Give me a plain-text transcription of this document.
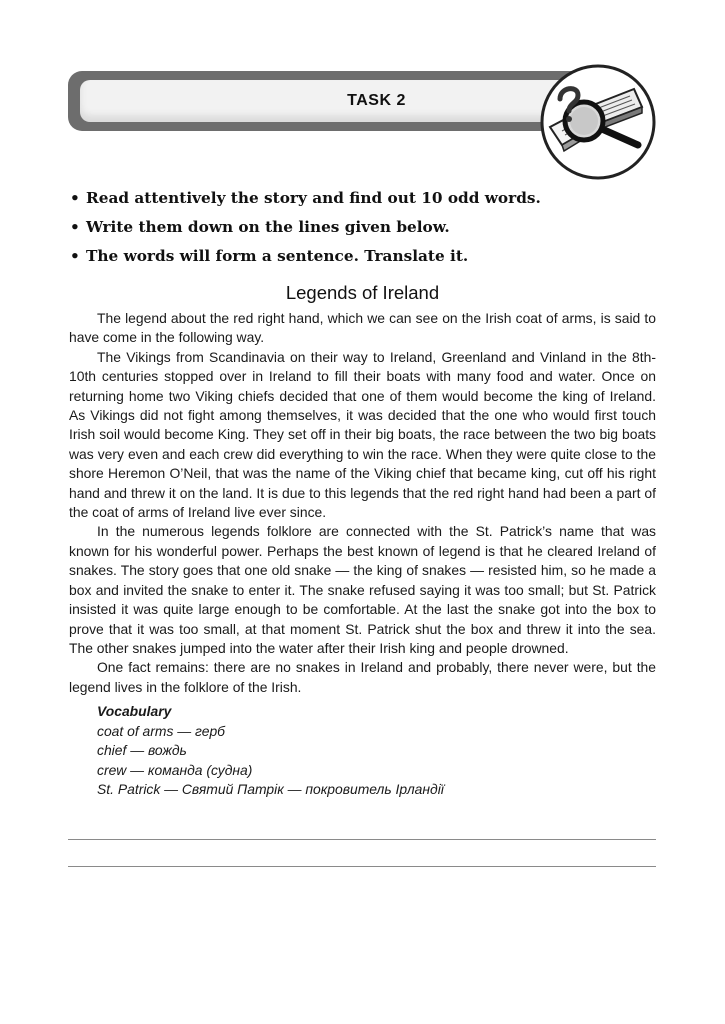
TASK 2
• Read attentively the story and find out 10 odd words.
• Write them down on the lines given below.
• The words will form a sentence. Translate it.
Legends of Ireland

The legend about the red right hand, which we can see on the Irish coat of arms, is said to have come in the following way.

The Vikings from Scandinavia on their way to Ireland, Greenland and Vinland in the 8th-10th centuries stopped over in Ireland to fill their boats with many food and water. Once on returning home two Viking chiefs decided that one of them would become the king of Ireland. As Vikings did not fight among themselves, it was decided that the one who would first touch Irish soil would become King. They set off in their big boats, the race between the two big boats was very even and each crew did everything to win the race. When they were quite close to the shore Heremon O’Neil, that was the name of the Viking chief that became king, cut off his right hand and threw it on the land. It is due to this legends that the red right hand had been a part of the coat of arms of Ireland live ever since.

In the numerous legends folklore are connected with the St. Patrick’s name that was known for his wonderful power. Perhaps the best known of legend is that he cleared Ireland of snakes. The story goes that one old snake — the king of snakes — resisted him, so he made a box and invited the snake to enter it. The snake refused saying it was too small; but St. Patrick insisted it was quite large enough to be comfortable. At the last the snake got into the box to prove that it was too small, at that moment St. Patrick shut the box and threw it into the sea. The other snakes jumped into the water after their Irish king and people drowned.

One fact remains: there are no snakes in Ireland and probably, there never were, but the legend lives in the folklore of the Irish.

Vocabulary
coat of arms — герб
chief — вождь
crew — команда (судна)
St. Patrick — Святий Патрік — покровитель Ірландії
